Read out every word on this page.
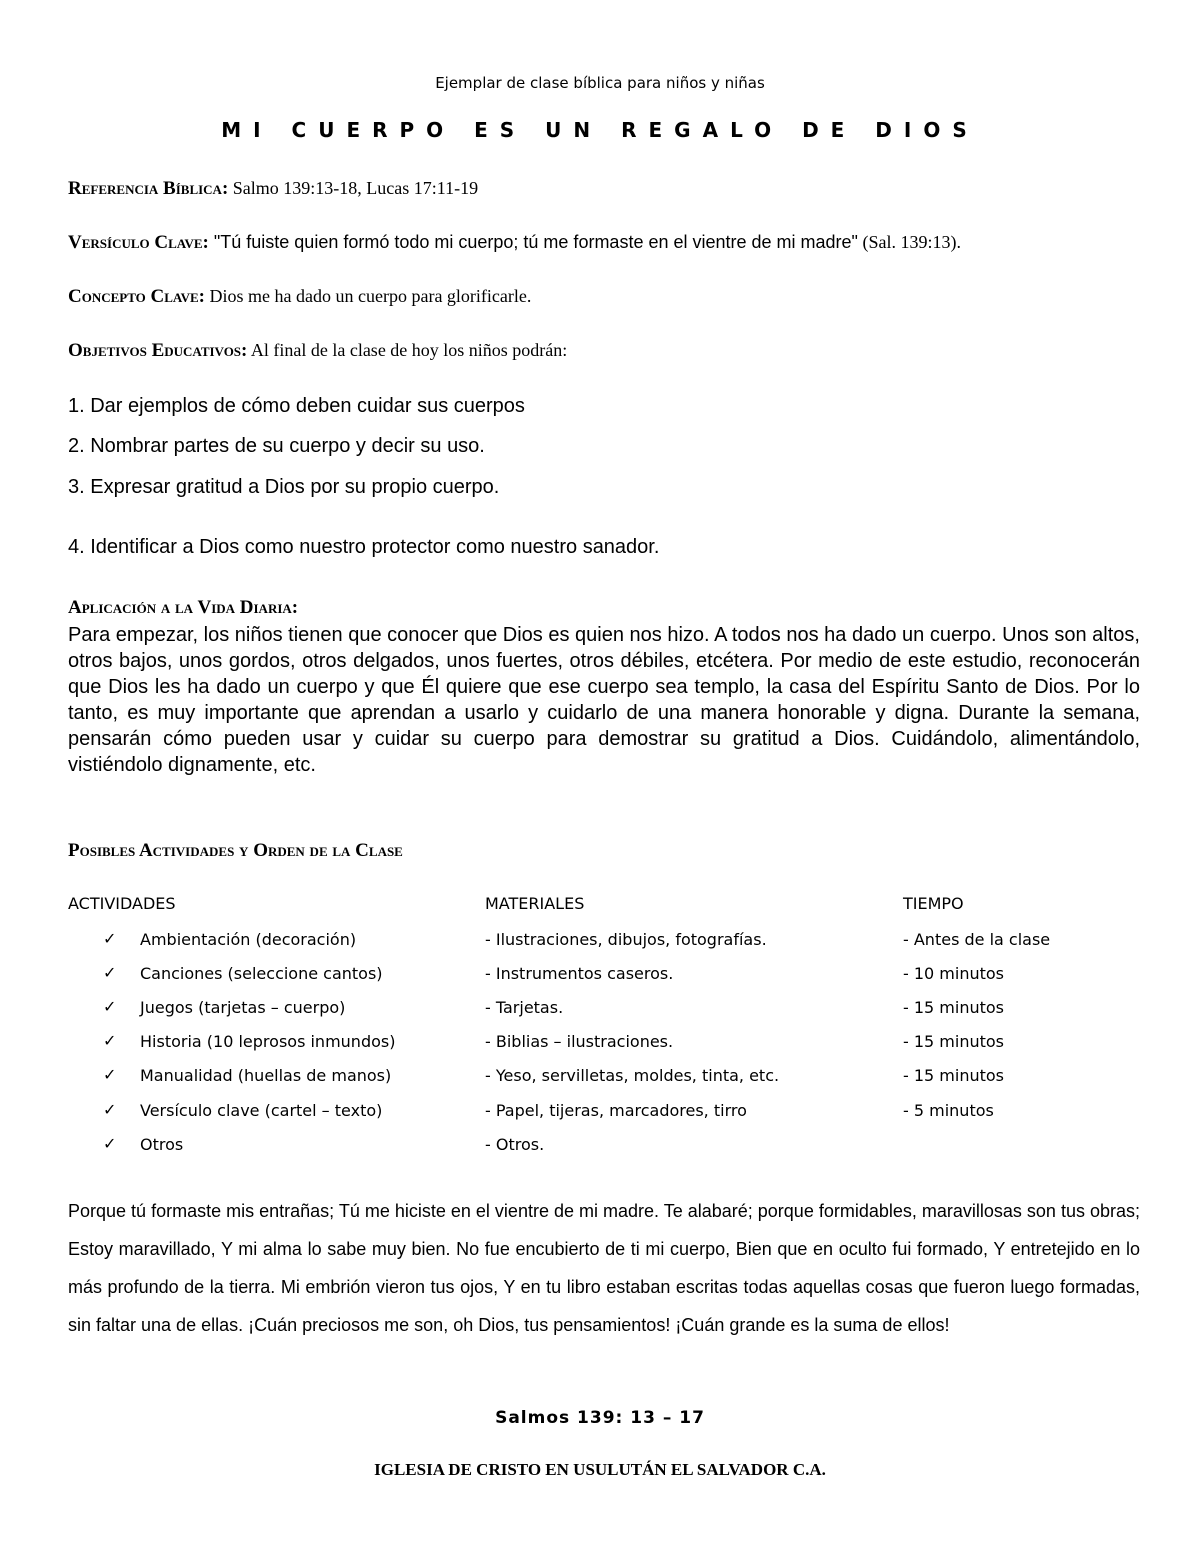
Ejemplar de clase bíblica para niños y niñas
MI CUERPO ES UN REGALO DE DIOS
Referencia Bíblica: Salmo 139:13-18, Lucas 17:11-19
Versículo Clave: "Tú fuiste quien formó todo mi cuerpo; tú me formaste en el vientre de mi madre" (Sal. 139:13).
Concepto Clave: Dios me ha dado un cuerpo para glorificarle.
Objetivos Educativos: Al final de la clase de hoy los niños podrán:
1. Dar ejemplos de cómo deben cuidar sus cuerpos
2. Nombrar partes de su cuerpo y decir su uso.
3. Expresar gratitud a Dios por su propio cuerpo.
4. Identificar a Dios como nuestro protector como nuestro sanador.
Aplicación a la Vida Diaria:
Para empezar, los niños tienen que conocer que Dios es quien nos hizo. A todos nos ha dado un cuerpo. Unos son altos, otros bajos, unos gordos, otros delgados, unos fuertes, otros débiles, etcétera. Por medio de este estudio, reconocerán que Dios les ha dado un cuerpo y que Él quiere que ese cuerpo sea templo, la casa del Espíritu Santo de Dios. Por lo tanto, es muy importante que aprendan a usarlo y cuidarlo de una manera honorable y digna. Durante la semana, pensarán cómo pueden usar y cuidar su cuerpo para demostrar su gratitud a Dios. Cuidándolo, alimentándolo, vistiéndolo dignamente, etc.
Posibles Actividades y Orden de la Clase
ACTIVIDADES	MATERIALES	TIEMPO
✓ Ambientación (decoración)	- Ilustraciones, dibujos, fotografías.	- Antes de la clase
✓ Canciones (seleccione cantos)	- Instrumentos caseros.	- 10 minutos
✓ Juegos (tarjetas – cuerpo)	- Tarjetas.	- 15 minutos
✓ Historia (10 leprosos inmundos)	- Biblias – ilustraciones.	- 15 minutos
✓ Manualidad (huellas de manos)	- Yeso, servilletas, moldes, tinta, etc.	- 15 minutos
✓ Versículo clave (cartel – texto)	- Papel, tijeras, marcadores, tirro	- 5 minutos
✓ Otros	- Otros.
Porque tú formaste mis entrañas; Tú me hiciste en el vientre de mi madre. Te alabaré; porque formidables, maravillosas son tus obras; Estoy maravillado, Y mi alma lo sabe muy bien. No fue encubierto de ti mi cuerpo, Bien que en oculto fui formado, Y entretejido en lo más profundo de la tierra. Mi embrión vieron tus ojos, Y en tu libro estaban escritas todas aquellas cosas que fueron luego formadas, sin faltar una de ellas. ¡Cuán preciosos me son, oh Dios, tus pensamientos! ¡Cuán grande es la suma de ellos!
Salmos 139: 13 – 17
IGLESIA DE CRISTO EN USULUTÁN EL SALVADOR C.A.
